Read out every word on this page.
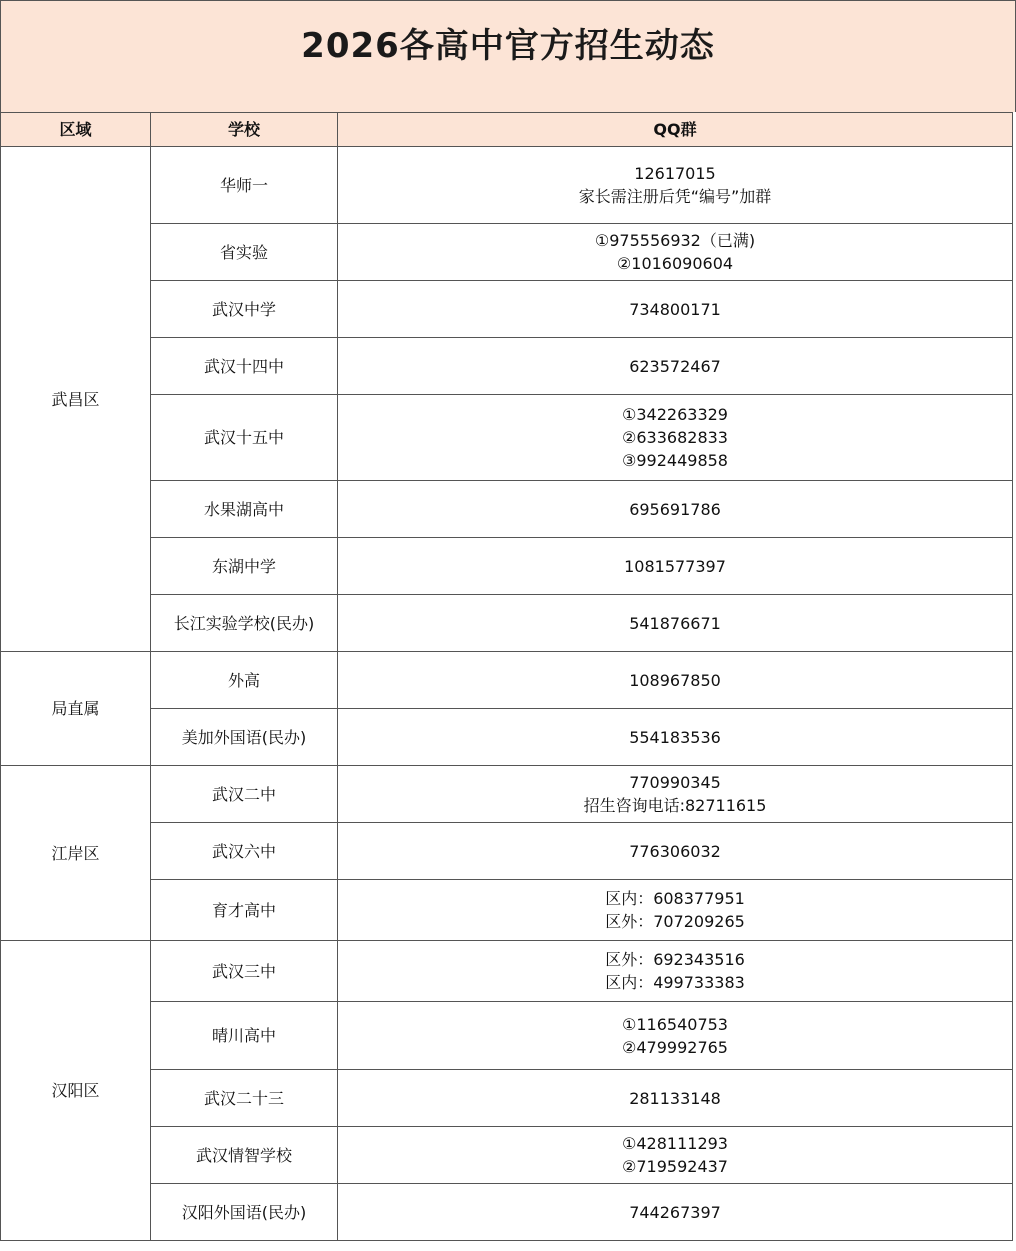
2026各高中官方招生动态
区域	学校	QQ群
武昌区	华师一	12617015
家长需注册后凭“编号”加群

	省实验	①975556932（已满)
②1016090604

	武汉中学	734800171

	武汉十四中	623572467

	武汉十五中	①342263329
②633682833
③992449858

	水果湖高中	695691786

	东湖中学	1081577397

	长江实验学校(民办)	541876671

局直属	外高	108967850

	美加外国语(民办)	554183536

江岸区	武汉二中	770990345
招生咨询电话:82711615

	武汉六中	776306032

	育才高中	区内：608377951
区外：707209265

汉阳区	武汉三中	区外：692343516
区内：499733383

	晴川高中	①116540753
②479992765

	武汉二十三	281133148

	武汉情智学校	①428111293
②719592437

	汉阳外国语(民办)	744267397
